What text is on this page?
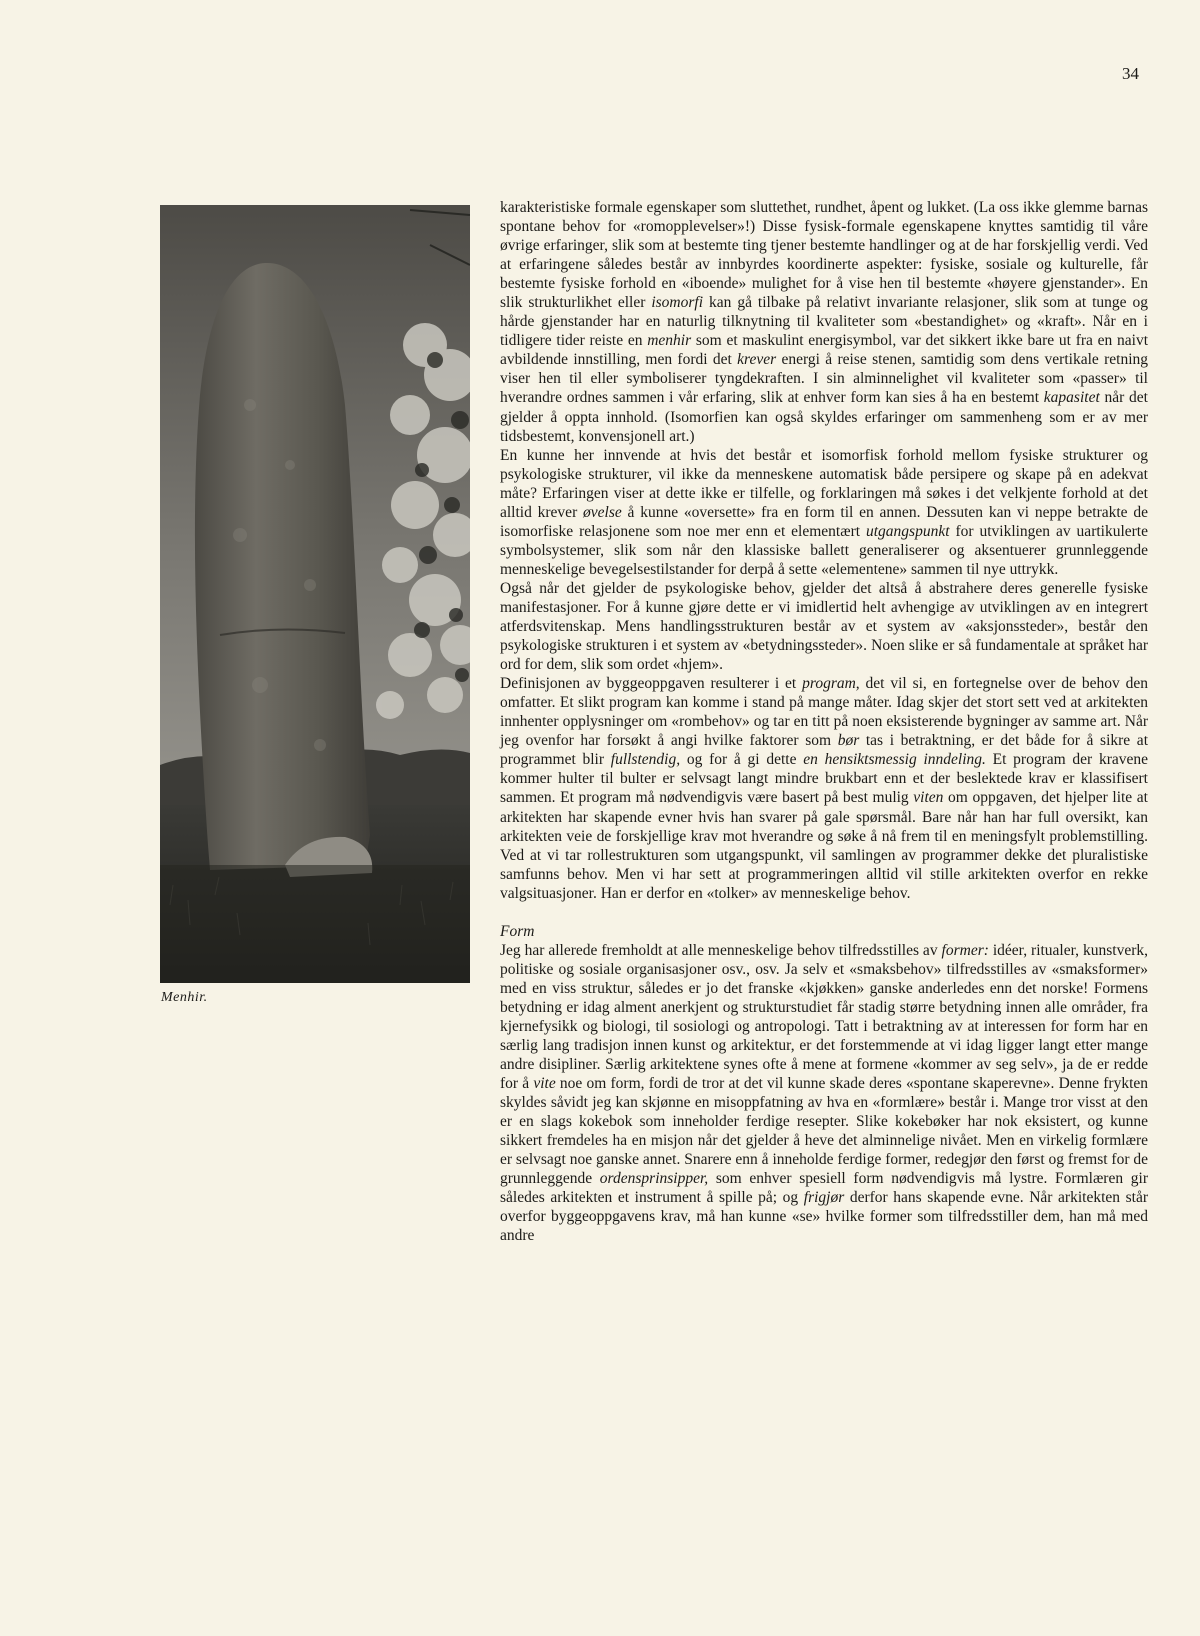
34
Menhir.

karakteristiske formale egenskaper som sluttethet, rundhet, åpent og lukket. (La oss ikke glemme barnas spontane behov for «romopplevelser»!) Disse fysisk-formale egenskapene knyttes samtidig til våre øvrige erfaringer, slik som at bestemte ting tjener bestemte handlinger og at de har forskjellig verdi. Ved at erfaringene således består av innbyrdes koordinerte aspekter: fysiske, sosiale og kulturelle, får bestemte fysiske forhold en «iboende» mulighet for å vise hen til bestemte «høyere gjenstander». En slik strukturlikhet eller isomorfi kan gå tilbake på relativt invariante relasjoner, slik som at tunge og hårde gjenstander har en naturlig tilknytning til kvaliteter som «bestandighet» og «kraft». Når en i tidligere tider reiste en menhir som et maskulint energisymbol, var det sikkert ikke bare ut fra en naivt avbildende innstilling, men fordi det krever energi å reise stenen, samtidig som dens vertikale retning viser hen til eller symboliserer tyngdekraften. I sin alminnelighet vil kvaliteter som «passer» til hverandre ordnes sammen i vår erfaring, slik at enhver form kan sies å ha en bestemt kapasitet når det gjelder å oppta innhold. (Isomorfien kan også skyldes erfaringer om sammenheng som er av mer tidsbestemt, konvensjonell art.)

En kunne her innvende at hvis det består et isomorfisk forhold mellom fysiske strukturer og psykologiske strukturer, vil ikke da menneskene automatisk både persipere og skape på en adekvat måte? Erfaringen viser at dette ikke er tilfelle, og forklaringen må søkes i det velkjente forhold at det alltid krever øvelse å kunne «oversette» fra en form til en annen. Dessuten kan vi neppe betrakte de isomorfiske relasjonene som noe mer enn et elementært utgangspunkt for utviklingen av uartikulerte symbolsystemer, slik som når den klassiske ballett generaliserer og aksentuerer grunnleggende menneskelige bevegelsestilstander for derpå å sette «elementene» sammen til nye uttrykk.

Også når det gjelder de psykologiske behov, gjelder det altså å abstrahere deres generelle fysiske manifestasjoner. For å kunne gjøre dette er vi imidlertid helt avhengige av utviklingen av en integrert atferdsvitenskap. Mens handlingsstrukturen består av et system av «aksjonssteder», består den psykologiske strukturen i et system av «betydningssteder». Noen slike er så fundamentale at språket har ord for dem, slik som ordet «hjem».

Definisjonen av byggeoppgaven resulterer i et program, det vil si, en fortegnelse over de behov den omfatter. Et slikt program kan komme i stand på mange måter. Idag skjer det stort sett ved at arkitekten innhenter opplysninger om «rombehov» og tar en titt på noen eksisterende bygninger av samme art. Når jeg ovenfor har forsøkt å angi hvilke faktorer som bør tas i betraktning, er det både for å sikre at programmet blir fullstendig, og for å gi dette en hensiktsmessig inndeling. Et program der kravene kommer hulter til bulter er selvsagt langt mindre brukbart enn et der beslektede krav er klassifisert sammen. Et program må nødvendigvis være basert på best mulig viten om oppgaven, det hjelper lite at arkitekten har skapende evner hvis han svarer på gale spørsmål. Bare når han har full oversikt, kan arkitekten veie de forskjellige krav mot hverandre og søke å nå frem til en meningsfylt problemstilling. Ved at vi tar rollestrukturen som utgangspunkt, vil samlingen av programmer dekke det pluralistiske samfunns behov. Men vi har sett at programmeringen alltid vil stille arkitekten overfor en rekke valgsituasjoner. Han er derfor en «tolker» av menneskelige behov.

Form

Jeg har allerede fremholdt at alle menneskelige behov tilfredsstilles av former: idéer, ritualer, kunstverk, politiske og sosiale organisasjoner osv., osv. Ja selv et «smaksbehov» tilfredsstilles av «smaksformer» med en viss struktur, således er jo det franske «kjøkken» ganske anderledes enn det norske! Formens betydning er idag alment anerkjent og strukturstudiet får stadig større betydning innen alle områder, fra kjernefysikk og biologi, til sosiologi og antropologi. Tatt i betraktning av at interessen for form har en særlig lang tradisjon innen kunst og arkitektur, er det forstemmende at vi idag ligger langt etter mange andre disipliner. Særlig arkitektene synes ofte å mene at formene «kommer av seg selv», ja de er redde for å vite noe om form, fordi de tror at det vil kunne skade deres «spontane skaperevne». Denne frykten skyldes såvidt jeg kan skjønne en misoppfatning av hva en «formlære» består i. Mange tror visst at den er en slags kokebok som inneholder ferdige resepter. Slike kokebøker har nok eksistert, og kunne sikkert fremdeles ha en misjon når det gjelder å heve det alminnelige nivået. Men en virkelig formlære er selvsagt noe ganske annet. Snarere enn å inneholde ferdige former, redegjør den først og fremst for de grunnleggende ordensprinsipper, som enhver spesiell form nødvendigvis må lystre. Formlæren gir således arkitekten et instrument å spille på; og frigjør derfor hans skapende evne. Når arkitekten står overfor byggeoppgavens krav, må han kunne «se» hvilke former som tilfredsstiller dem, han må med andre
